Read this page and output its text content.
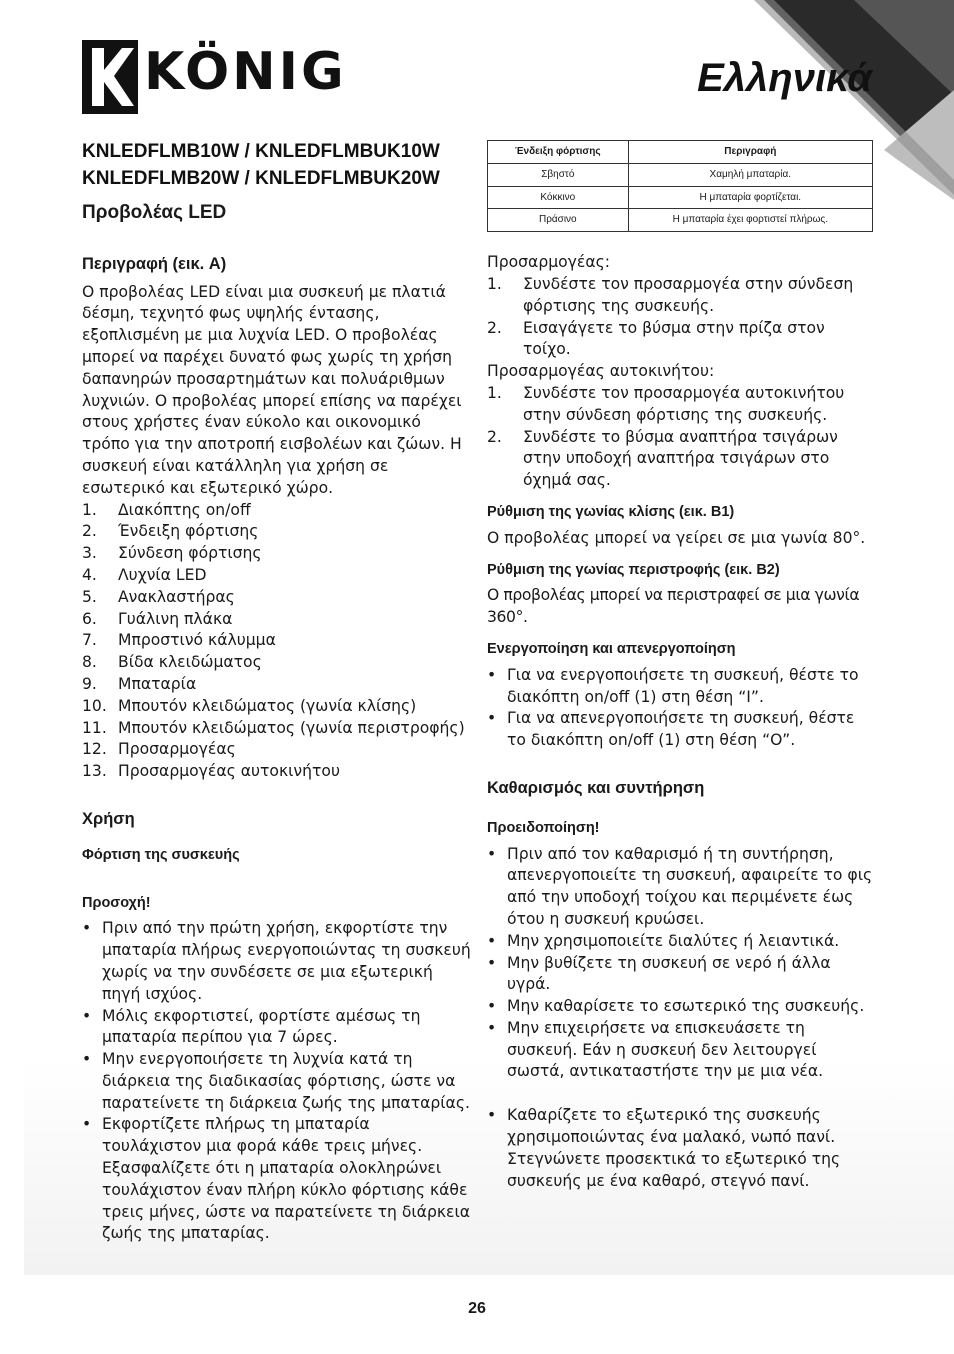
KÖNIG	Ελληνικά
KNLEDFLMB10W / KNLEDFLMBUK10W
KNLEDFLMB20W / KNLEDFLMBUK20W
Προβολέας LED
Περιγραφή (εικ. A)

Ο προβολέας LED είναι μια συσκευή με πλατιά δέσμη, τεχνητό φως υψηλής έντασης, εξοπλισμένη με μια λυχνία LED. Ο προβολέας μπορεί να παρέχει δυνατό φως χωρίς τη χρήση δαπανηρών προσαρτημάτων και πολυάριθμων λυχνιών. Ο προβολέας μπορεί επίσης να παρέχει στους χρήστες έναν εύκολο και οικονομικό τρόπο για την αποτροπή εισβολέων και ζώων. Η συσκευή είναι κατάλληλη για χρήση σε εσωτερικό και εξωτερικό χώρο.

1.	Διακόπτης on/off
2.	Ένδειξη φόρτισης
3.	Σύνδεση φόρτισης
4.	Λυχνία LED
5.	Ανακλαστήρας
6.	Γυάλινη πλάκα
7.	Μπροστινό κάλυμμα
8.	Βίδα κλειδώματος
9.	Μπαταρία
10. Μπουτόν κλειδώματος (γωνία κλίσης)
11. Μπουτόν κλειδώματος (γωνία περιστροφής)
12. Προσαρμογέας
13. Προσαρμογέας αυτοκινήτου
Χρήση
Φόρτιση της συσκευής
Προσοχή!
• Πριν από την πρώτη χρήση, εκφορτίστε την μπαταρία πλήρως ενεργοποιώντας τη συσκευή χωρίς να την συνδέσετε σε μια εξωτερική πηγή ισχύος.
• Μόλις εκφορτιστεί, φορτίστε αμέσως τη μπαταρία περίπου για 7 ώρες.
• Μην ενεργοποιήσετε τη λυχνία κατά τη διάρκεια της διαδικασίας φόρτισης, ώστε να παρατείνετε τη διάρκεια ζωής της μπαταρίας.
• Εκφορτίζετε πλήρως τη μπαταρία τουλάχιστον μια φορά κάθε τρεις μήνες. Εξασφαλίζετε ότι η μπαταρία ολοκληρώνει τουλάχιστον έναν πλήρη κύκλο φόρτισης κάθε τρεις μήνες, ώστε να παρατείνετε τη διάρκεια ζωής της μπαταρίας.
Ένδειξη φόρτισης	Περιγραφή
Σβηστό	Χαμηλή μπαταρία.
Κόκκινο	Η μπαταρία φορτίζεται.
Πράσινο	Η μπαταρία έχει φορτιστεί πλήρως.

Προσαρμογέας:

1.	Συνδέστε τον προσαρμογέα στην σύνδεση φόρτισης της συσκευής.
2.	Εισαγάγετε το βύσμα στην πρίζα στον τοίχο.

Προσαρμογέας αυτοκινήτου:

1.	Συνδέστε τον προσαρμογέα αυτοκινήτου στην σύνδεση φόρτισης της συσκευής.
2.	Συνδέστε το βύσμα αναπτήρα τσιγάρων στην υποδοχή αναπτήρα τσιγάρων στο όχημά σας.
Ρύθμιση της γωνίας κλίσης (εικ. B1)

Ο προβολέας μπορεί να γείρει σε μια γωνία 80°.

Ρύθμιση της γωνίας περιστροφής (εικ. B2)

Ο προβολέας μπορεί να περιστραφεί σε μια γωνία 360°.

Ενεργοποίηση και απενεργοποίηση
• Για να ενεργοποιήσετε τη συσκευή, θέστε το διακόπτη on/off (1) στη θέση “I”.
• Για να απενεργοποιήσετε τη συσκευή, θέστε το διακόπτη on/off (1) στη θέση “O”.
Καθαρισμός και συντήρηση
Προειδοποίηση!
• Πριν από τον καθαρισμό ή τη συντήρηση, απενεργοποιείτε τη συσκευή, αφαιρείτε το φις από την υποδοχή τοίχου και περιμένετε έως ότου η συσκευή κρυώσει.
• Μην χρησιμοποιείτε διαλύτες ή λειαντικά.
• Μην βυθίζετε τη συσκευή σε νερό ή άλλα υγρά.
• Μην καθαρίσετε το εσωτερικό της συσκευής.
• Μην επιχειρήσετε να επισκευάσετε τη συσκευή. Εάν η συσκευή δεν λειτουργεί σωστά, αντικαταστήστε την με μια νέα.
• Καθαρίζετε το εξωτερικό της συσκευής χρησιμοποιώντας ένα μαλακό, νωπό πανί. Στεγνώνετε προσεκτικά το εξωτερικό της συσκευής με ένα καθαρό, στεγνό πανί.
26
